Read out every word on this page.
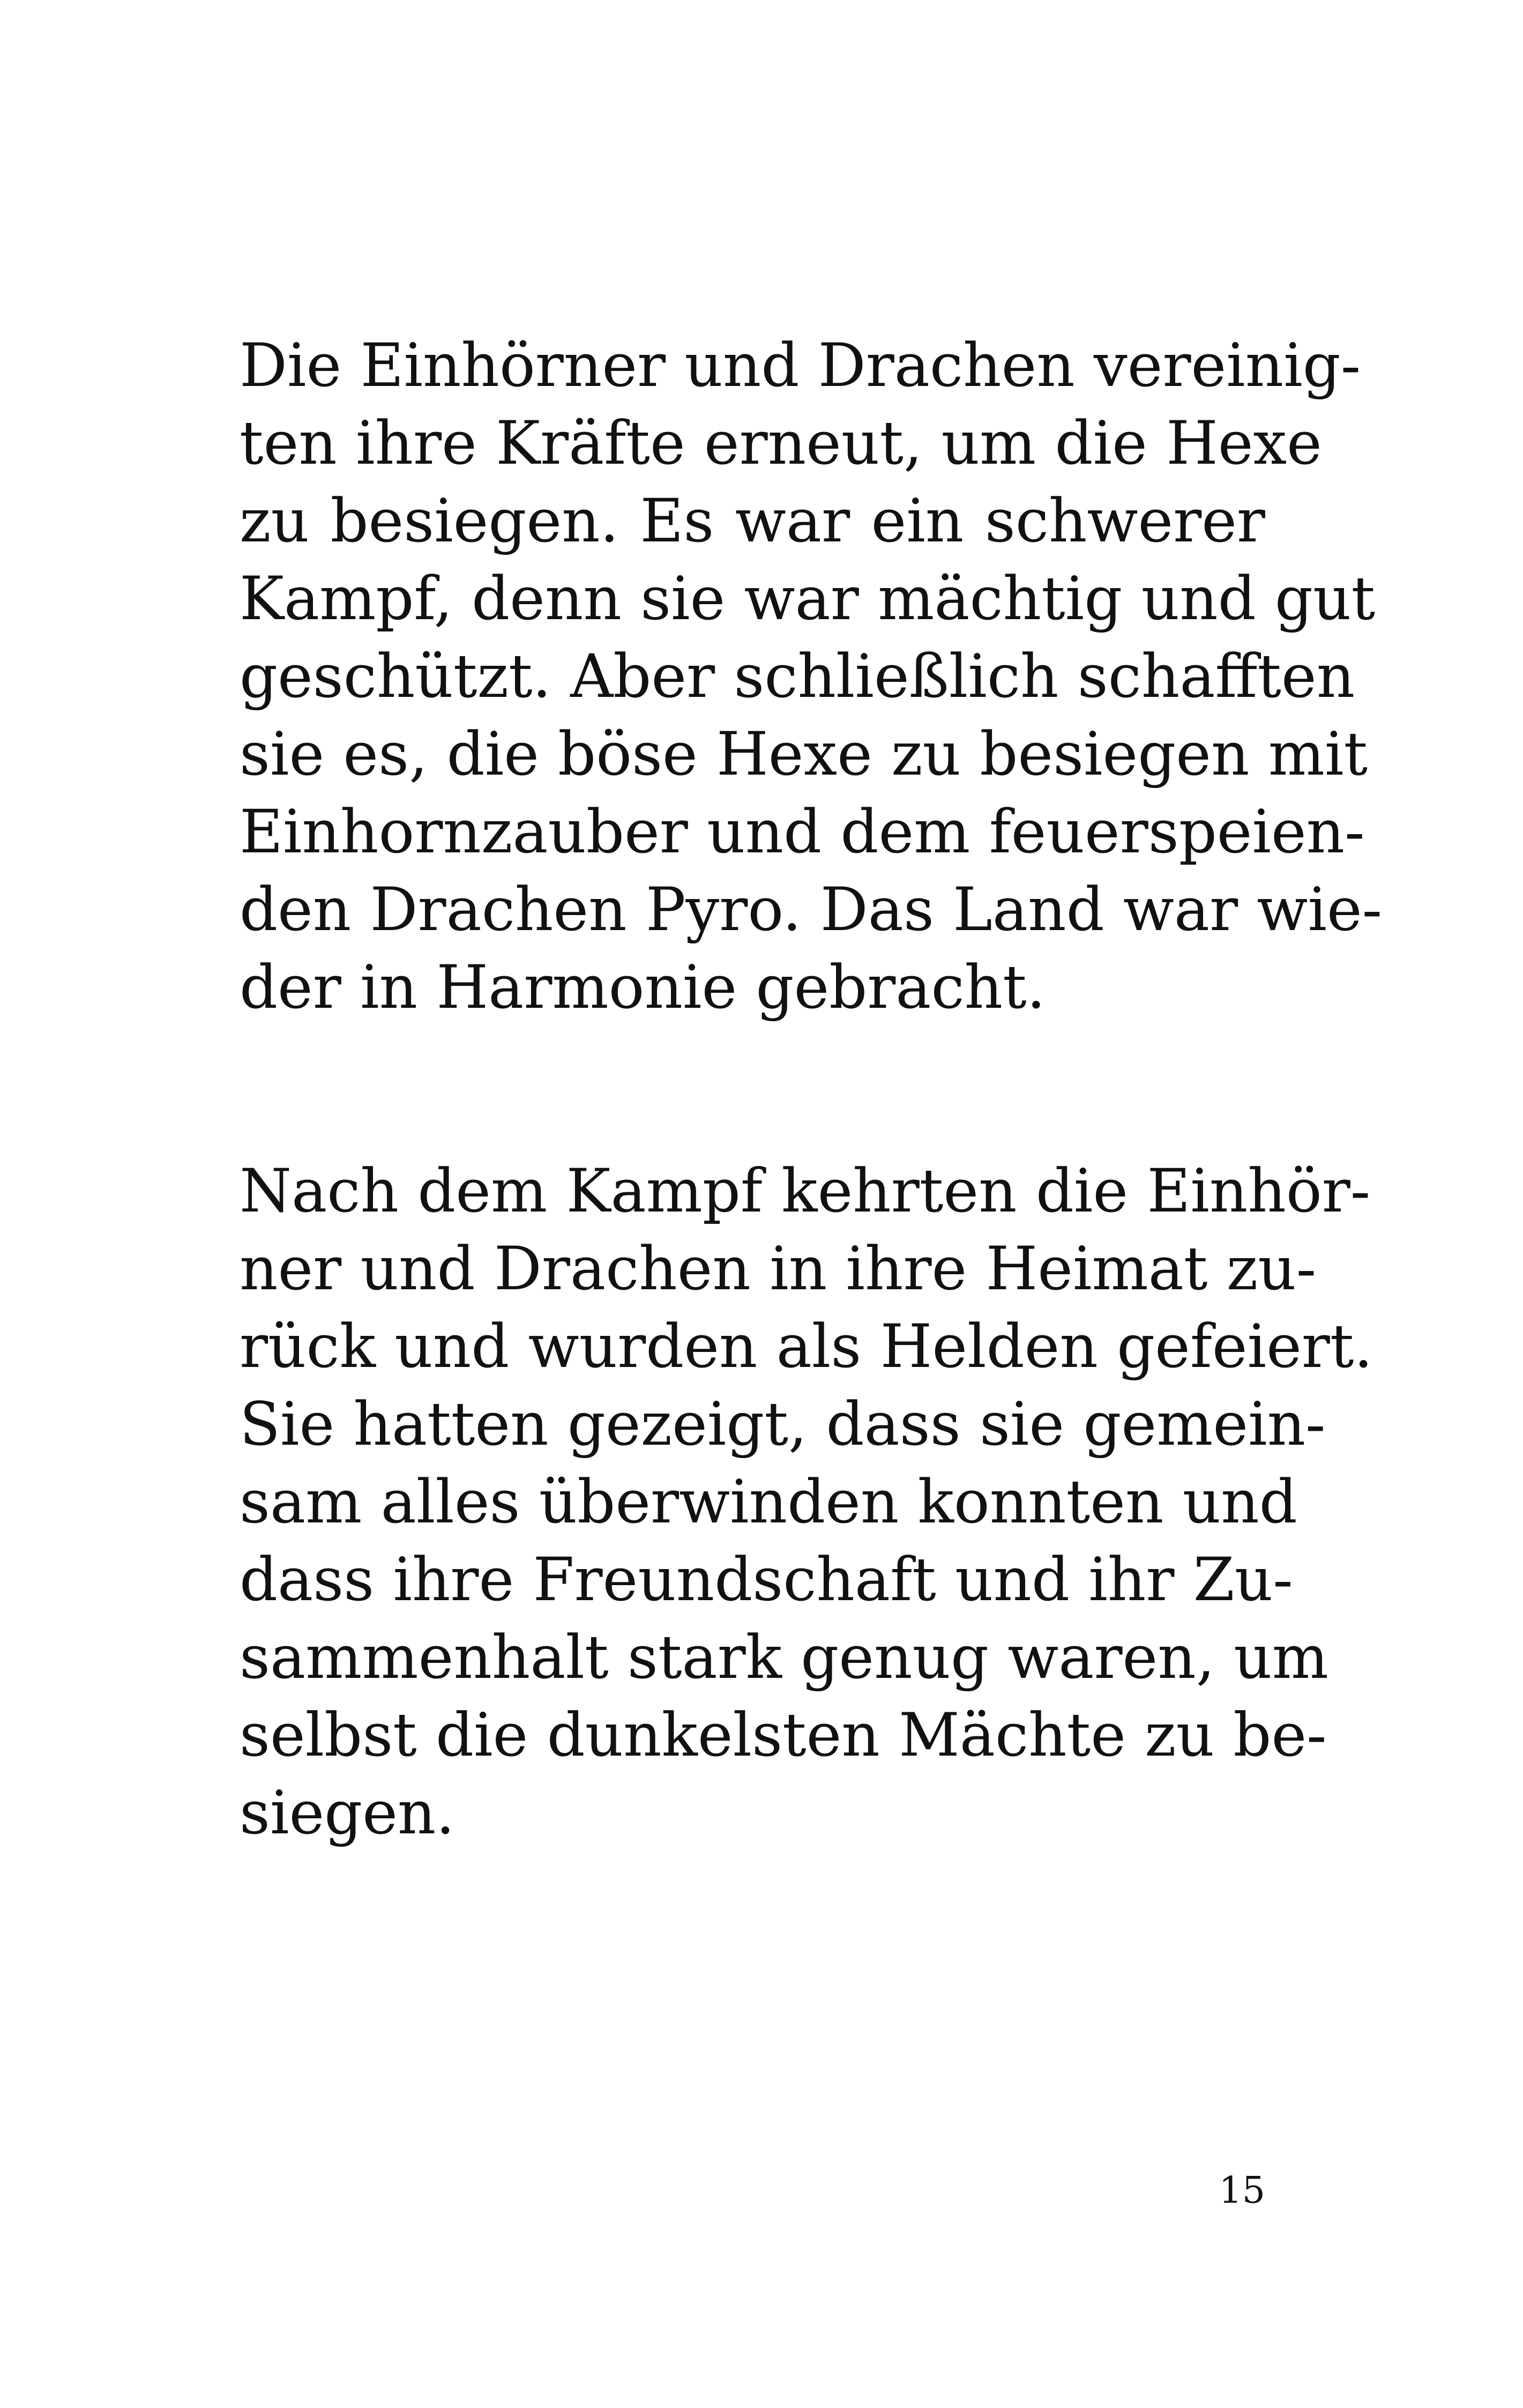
Die Einhörner und Drachen vereinig-
ten ihre Kräfte erneut, um die Hexe
zu besiegen. Es war ein schwerer
Kampf, denn sie war mächtig und gut
geschützt. Aber schließlich schafften
sie es, die böse Hexe zu besiegen mit
Einhornzauber und dem feuerspeien-
den Drachen Pyro. Das Land war wie-
der in Harmonie gebracht.
Nach dem Kampf kehrten die Einhör-
ner und Drachen in ihre Heimat zu-
rück und wurden als Helden gefeiert.
Sie hatten gezeigt, dass sie gemein-
sam alles überwinden konnten und
dass ihre Freundschaft und ihr Zu-
sammenhalt stark genug waren, um
selbst die dunkelsten Mächte zu be-
siegen.
15
